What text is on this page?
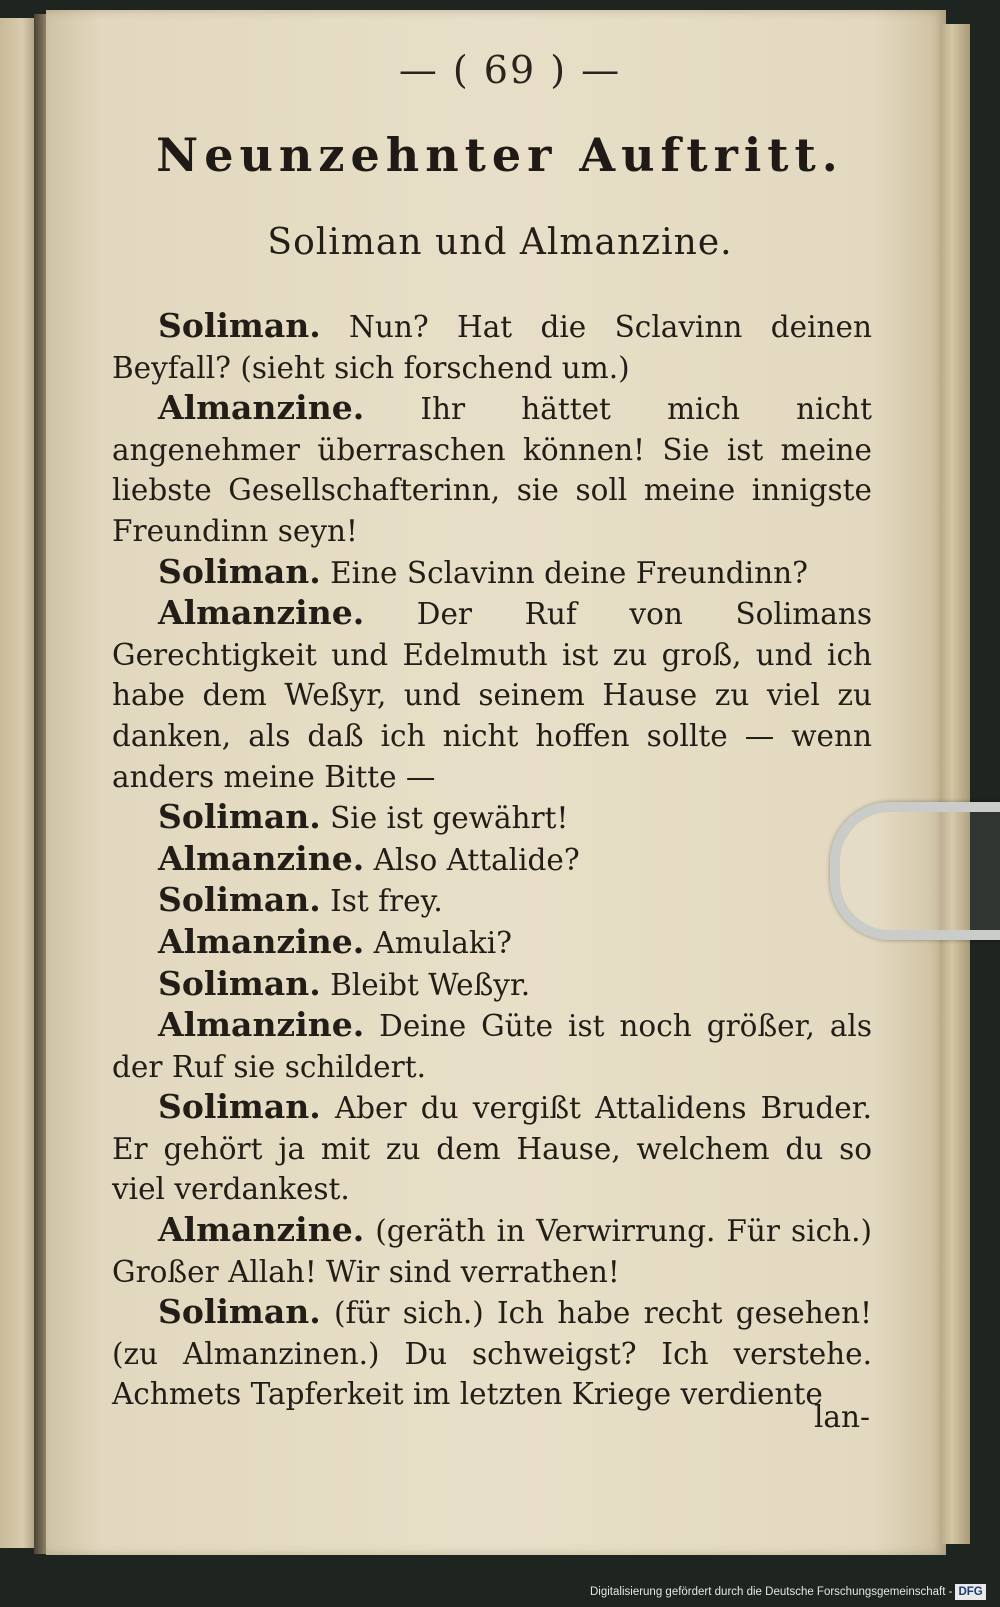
— ( 69 ) —
Neunzehnter Auftritt.
Soliman und Almanzine.

Soliman. Nun? Hat die Sclavinn deinen Beyfall? (sieht sich forschend um.)

Almanzine. Ihr hättet mich nicht angenehmer überraschen können! Sie ist meine liebste Gesellschafterinn, sie soll meine innigste Freundinn seyn!

Soliman. Eine Sclavinn deine Freundinn?

Almanzine. Der Ruf von Solimans Gerechtigkeit und Edelmuth ist zu groß, und ich habe dem Weßyr, und seinem Hause zu viel zu danken, als daß ich nicht hoffen sollte — wenn anders meine Bitte —

Soliman. Sie ist gewährt!

Almanzine. Also Attalide?

Soliman. Ist frey.

Almanzine. Amulaki?

Soliman. Bleibt Weßyr.

Almanzine. Deine Güte ist noch größer, als der Ruf sie schildert.

Soliman. Aber du vergißt Attalidens Bruder. Er gehört ja mit zu dem Hause, welchem du so viel verdankest.

Almanzine. (geräth in Verwirrung. Für sich.) Großer Allah! Wir sind verrathen!

Soliman. (für sich.) Ich habe recht gesehen! (zu Almanzinen.) Du schweigst? Ich verstehe. Achmets Tapferkeit im letzten Kriege verdiente

lan-
Digitalisierung gefördert durch die Deutsche Forschungsgemeinschaft - DFG
